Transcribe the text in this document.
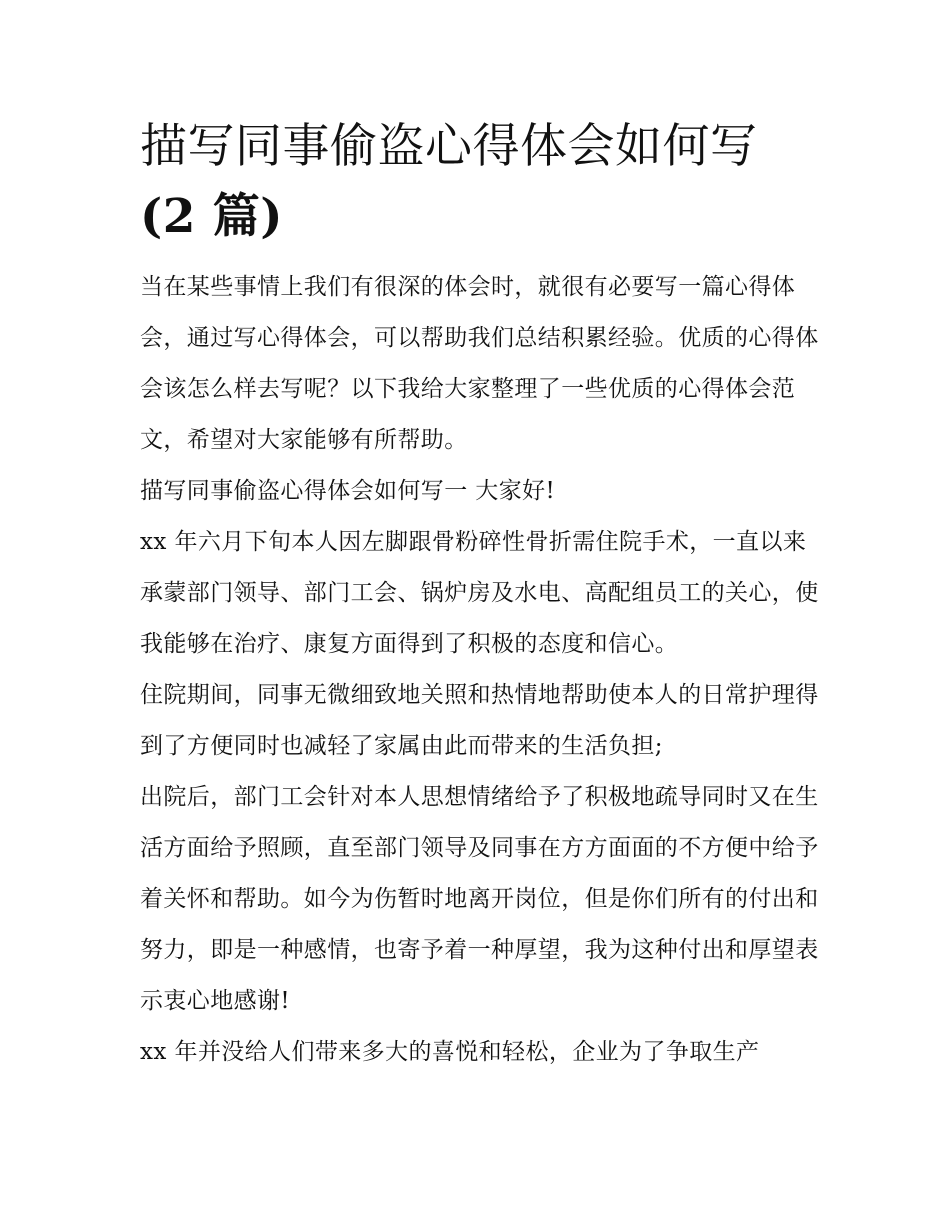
描写同事偷盗心得体会如何写
(2 篇)

当在某些事情上我们有很深的体会时，就很有必要写一篇心得体会，通过写心得体会，可以帮助我们总结积累经验。优质的心得体会该怎么样去写呢？以下我给大家整理了一些优质的心得体会范文，希望对大家能够有所帮助。

描写同事偷盗心得体会如何写一 大家好!

xx 年六月下旬本人因左脚跟骨粉碎性骨折需住院手术，一直以来承蒙部门领导、部门工会、锅炉房及水电、高配组员工的关心，使我能够在治疗、康复方面得到了积极的态度和信心。

住院期间，同事无微细致地关照和热情地帮助使本人的日常护理得到了方便同时也减轻了家属由此而带来的生活负担;

出院后，部门工会针对本人思想情绪给予了积极地疏导同时又在生活方面给予照顾，直至部门领导及同事在方方面面的不方便中给予着关怀和帮助。如今为伤暂时地离开岗位，但是你们所有的付出和努力，即是一种感情，也寄予着一种厚望，我为这种付出和厚望表示衷心地感谢!

xx 年并没给人们带来多大的喜悦和轻松，企业为了争取生产
